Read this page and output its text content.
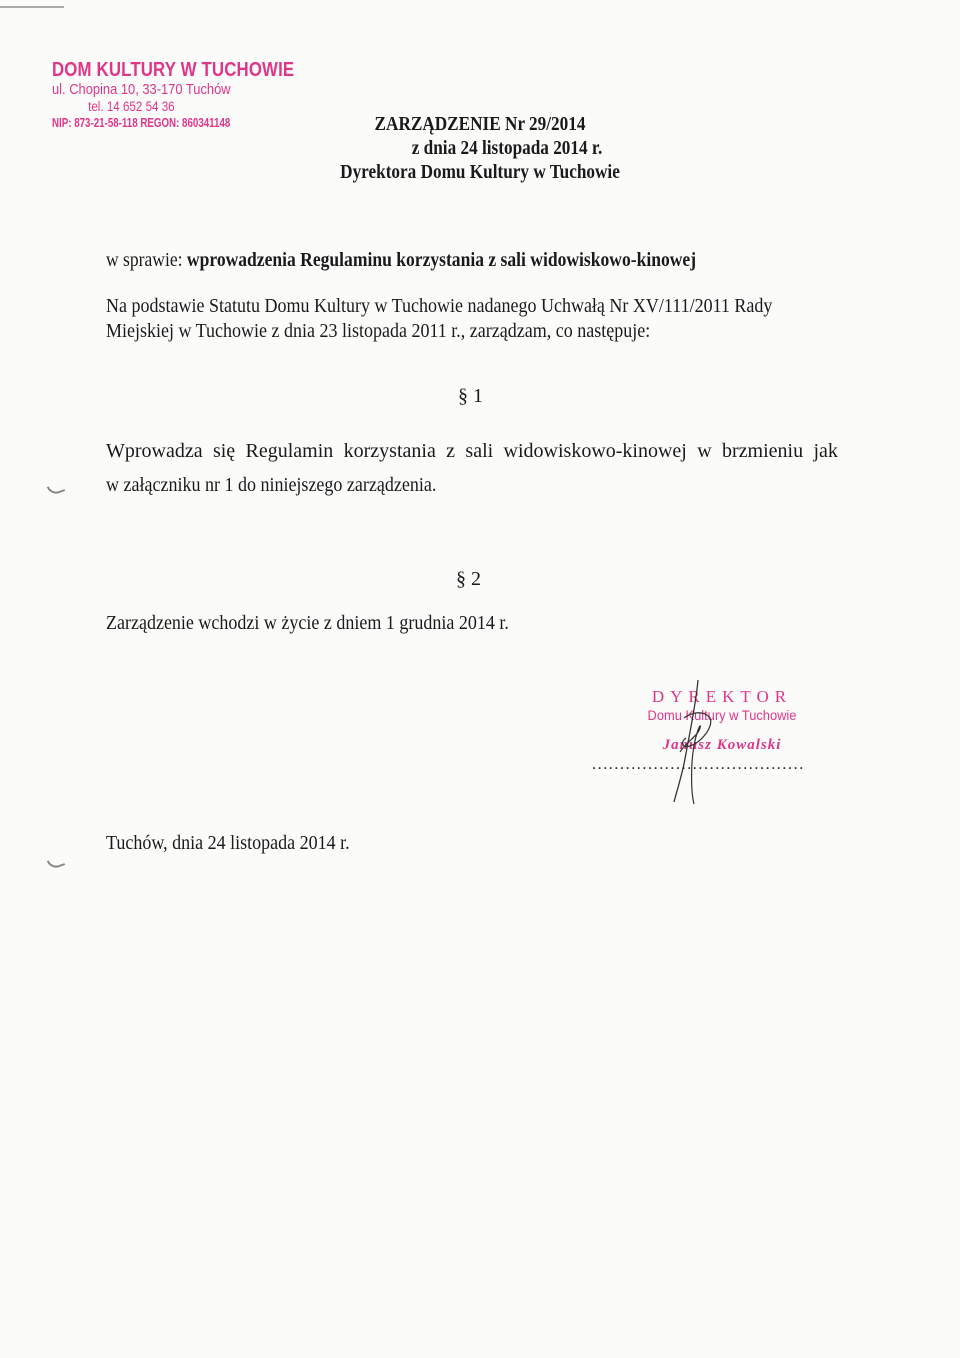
DOM KULTURY W TUCHOWIE
ul. Chopina 10, 33-170 Tuchów
tel. 14 652 54 36
NIP: 873-21-58-118 REGON: 860341148	ZARZĄDZENIE Nr 29/2014
z dnia 24 listopada 2014 r.
Dyrektora Domu Kultury w Tuchowie
w sprawie: wprowadzenia Regulaminu korzystania z sali widowiskowo-kinowej
Na podstawie Statutu Domu Kultury w Tuchowie nadanego Uchwałą Nr XV/111/2011 Rady
Miejskiej w Tuchowie z dnia 23 listopada 2011 r., zarządzam, co następuje:
§ 1
Wprowadza się Regulamin korzystania z sali widowiskowo-kinowej w brzmieniu jak
w załączniku nr 1 do niniejszego zarządzenia.
§ 2
Zarządzenie wchodzi w życie z dniem 1 grudnia 2014 r.
DYREKTOR
Domu Kultury w Tuchowie
Janusz Kowalski
......................................
Tuchów, dnia 24 listopada 2014 r.
